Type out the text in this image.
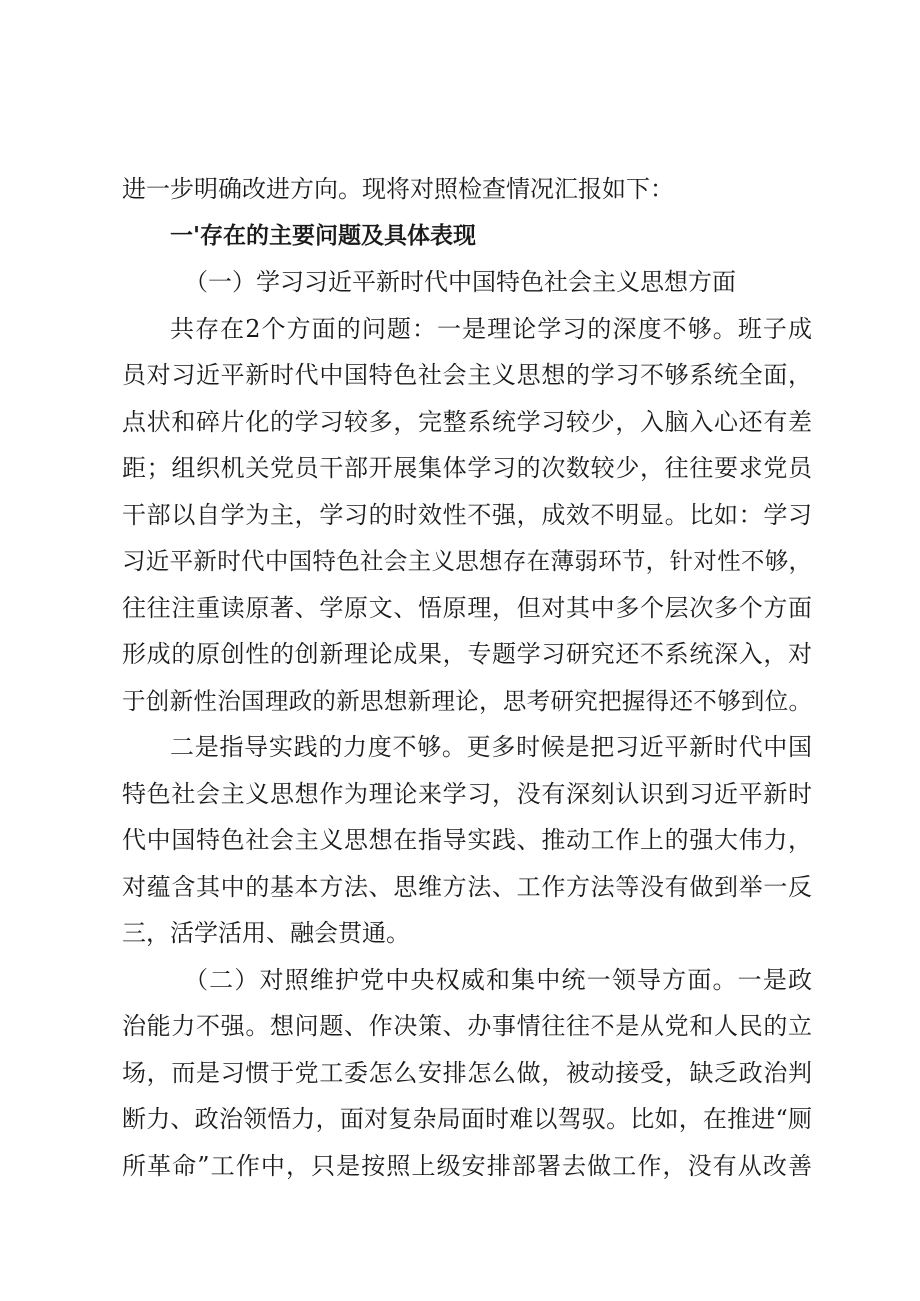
进一步明确改进方向。现将对照检查情况汇报如下：
一'存在的主要问题及具体表现
（一）学习习近平新时代中国特色社会主义思想方面
共存在2个方面的问题：一是理论学习的深度不够。班子成
员对习近平新时代中国特色社会主义思想的学习不够系统全面，
点状和碎片化的学习较多，完整系统学习较少，入脑入心还有差
距；组织机关党员干部开展集体学习的次数较少，往往要求党员
干部以自学为主，学习的时效性不强，成效不明显。比如：学习
习近平新时代中国特色社会主义思想存在薄弱环节，针对性不够，
往往注重读原著、学原文、悟原理，但对其中多个层次多个方面
形成的原创性的创新理论成果，专题学习研究还不系统深入，对
于创新性治国理政的新思想新理论，思考研究把握得还不够到位。
二是指导实践的力度不够。更多时候是把习近平新时代中国
特色社会主义思想作为理论来学习，没有深刻认识到习近平新时
代中国特色社会主义思想在指导实践、推动工作上的强大伟力，
对蕴含其中的基本方法、思维方法、工作方法等没有做到举一反
三，活学活用、融会贯通。
（二）对照维护党中央权威和集中统一领导方面。一是政
治能力不强。想问题、作决策、办事情往往不是从党和人民的立
场，而是习惯于党工委怎么安排怎么做，被动接受，缺乏政治判
断力、政治领悟力，面对复杂局面时难以驾驭。比如，在推进“厕
所革命”工作中，只是按照上级安排部署去做工作，没有从改善
